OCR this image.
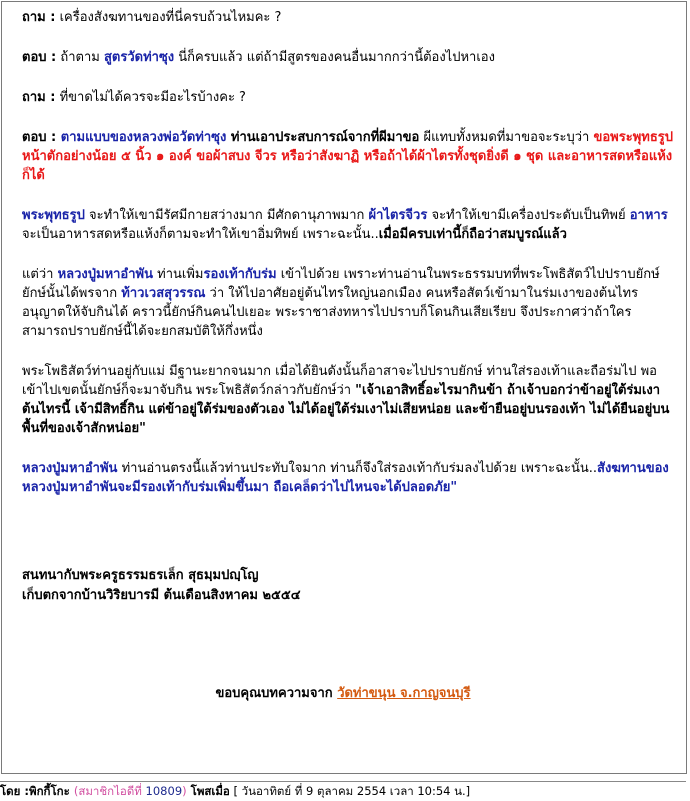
ถาม : เครื่องสังฆทานของที่นี่ครบถ้วนไหมคะ ?

ตอบ : ถ้าตาม สูตรวัดท่าซุง นี่ก็ครบแล้ว แต่ถ้ามีสูตรของคนอื่นมากกว่านี้ต้องไปหาเอง

ถาม : ที่ขาดไม่ได้ควรจะมีอะไรบ้างคะ ?

ตอบ : ตามแบบของหลวงพ่อวัดท่าซุง ท่านเอาประสบการณ์จากที่ผีมาขอ ผีแทบทั้งหมดที่มาขอจะระบุว่า ขอพระพุทธรูปหน้าตักอย่างน้อย ๕ นิ้ว ๑ องค์ ขอผ้าสบง จีวร หรือว่าสังฆาฏิ หรือถ้าได้ผ้าไตรทั้งชุดยิ่งดี ๑ ชุด และอาหารสดหรือแห้งก็ได้

พระพุทธรูป จะทำให้เขามีรัศมีกายสว่างมาก มีศักดานุภาพมาก ผ้าไตรจีวร จะทำให้เขามีเครื่องประดับเป็นทิพย์ อาหาร จะเป็นอาหารสดหรือแห้งก็ตามจะทำให้เขาอิ่มทิพย์ เพราะฉะนั้น..เมื่อมีครบเท่านี้ก็ถือว่าสมบูรณ์แล้ว

แต่ว่า หลวงปู่มหาอำพัน ท่านเพิ่มรองเท้ากับร่ม เข้าไปด้วย เพราะท่านอ่านในพระธรรมบทที่พระโพธิสัตว์ไปปราบยักษ์ ยักษ์นั้นได้พรจาก ท้าวเวสสุวรรณ ว่า ให้ไปอาศัยอยู่ต้นไทรใหญ่นอกเมือง คนหรือสัตว์เข้ามาในร่มเงาของต้นไทรอนุญาตให้จับกินได้ คราวนี้ยักษ์กินคนไปเยอะ พระราชาส่งทหารไปปราบก็โดนกินเสียเรียบ จึงประกาศว่าถ้าใครสามารถปราบยักษ์นี้ได้จะยกสมบัติให้กึ่งหนึ่ง

พระโพธิสัตว์ท่านอยู่กับแม่ มีฐานะยากจนมาก เมื่อได้ยินดังนั้นก็อาสาจะไปปราบยักษ์ ท่านใส่รองเท้าและถือร่มไป พอเข้าไปเขตนั้นยักษ์ก็จะมาจับกิน พระโพธิสัตว์กล่าวกับยักษ์ว่า "เจ้าเอาสิทธิ์อะไรมากินข้า ถ้าเจ้าบอกว่าข้าอยู่ใต้ร่มเงาต้นไทรนี้ เจ้ามีสิทธิ์กิน แต่ข้าอยู่ใต้ร่มของตัวเอง ไม่ได้อยู่ใต้ร่มเงาไม่เสียหน่อย และข้ายืนอยู่บนรองเท้า ไม่ได้ยืนอยู่บนพื้นที่ของเจ้าสักหน่อย"

หลวงปู่มหาอำพัน ท่านอ่านตรงนี้แล้วท่านประทับใจมาก ท่านก็จึงใส่รองเท้ากับร่มลงไปด้วย เพราะฉะนั้น..สังฆทานของหลวงปู่มหาอำพันจะมีรองเท้ากับร่มเพิ่มขึ้นมา ถือเคล็ดว่าไปไหนจะได้ปลอดภัย"

สนทนากับพระครูธรรมธรเล็ก สุธมฺมปญฺโญ
เก็บตกจากบ้านวิริยบารมี ต้นเดือนสิงหาคม ๒๕๕๔
ขอบคุณบทความจาก วัดท่าขนุน จ.กาญจนบุรี
โดย :พิกกี้โกะ (สมาชิกไอดีที่ 10809) โพสเมื่อ [ วันอาทิตย์ ที่ 9 ตุลาคม 2554 เวลา 10:54 น.]
